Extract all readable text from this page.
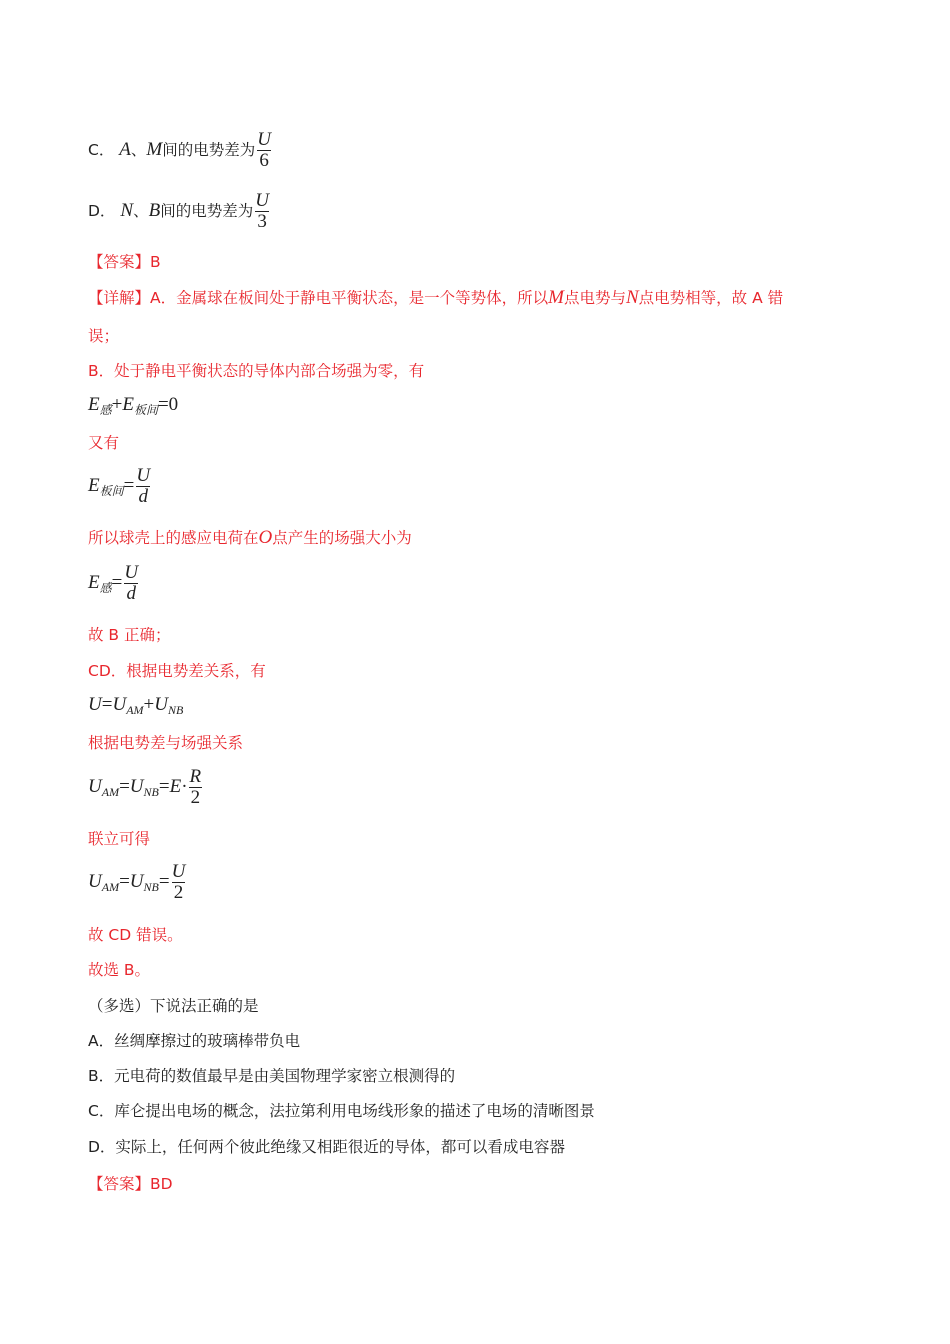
C． A、M间的电势差为 $\frac{U}{6}$
D． N、B间的电势差为 $\frac{U}{3}$
【答案】B
【详解】A．金属球在板间处于静电平衡状态，是一个等势体，所以M点电势与N点电势相等，故 A 错
误；
B．处于静电平衡状态的导体内部合场强为零，有
$E_感+E_{板间}=0$
又有
$E_{板间}= \frac{U}{d}$
所以球壳上的感应电荷在O点产生的场强大小为
$E_感= \frac{U}{d}$
故 B 正确；
CD．根据电势差关系，有
$U=U_{AM}+U_{NB}$
根据电势差与场强关系
$U_{AM}=U_{NB}=E\cdot \frac{R}{2}$
联立可得
$U_{AM}=U_{NB}= \frac{U}{2}$
故 CD 错误。
故选 B。
（多选）下说法正确的是
A．丝绸摩擦过的玻璃棒带负电
B．元电荷的数值最早是由美国物理学家密立根测得的
C．库仑提出电场的概念，法拉第利用电场线形象的描述了电场的清晰图景
D．实际上，任何两个彼此绝缘又相距很近的导体，都可以看成电容器
【答案】BD
